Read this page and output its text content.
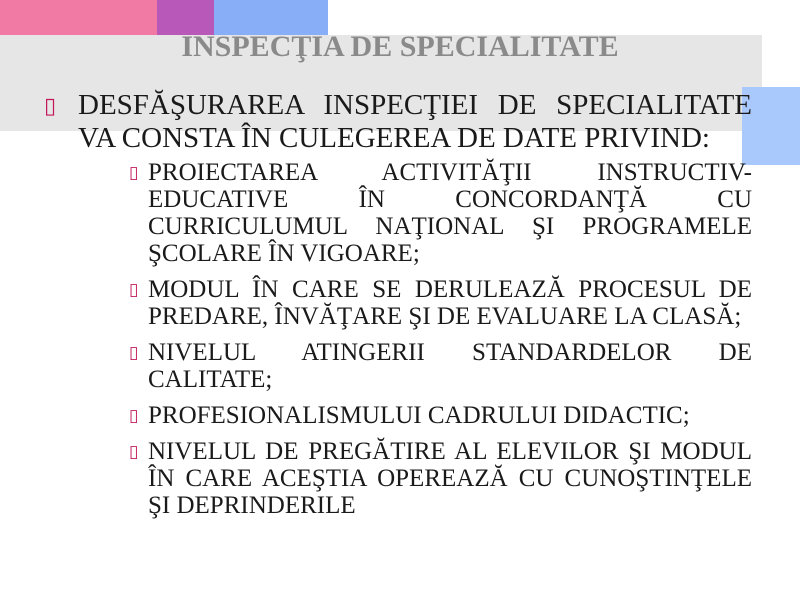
INSPECŢIA DE SPECIALITATE
▯ DESFĂŞURAREA INSPECŢIEI DE SPECIALITATE VA CONSTA ÎN CULEGEREA DE DATE PRIVIND:
▯ PROIECTAREA ACTIVITĂŢII INSTRUCTIV-EDUCATIVE ÎN CONCORDANŢĂ CU CURRICULUMUL NAŢIONAL ŞI PROGRAMELE ŞCOLARE ÎN VIGOARE;
▯ MODUL ÎN CARE SE DERULEAZĂ PROCESUL DE PREDARE, ÎNVĂŢARE ŞI DE EVALUARE LA CLASĂ;
▯ NIVELUL ATINGERII STANDARDELOR DE CALITATE;
▯ PROFESIONALISMULUI CADRULUI DIDACTIC;
▯ NIVELUL DE PREGĂTIRE AL ELEVILOR ŞI MODUL ÎN CARE ACEŞTIA OPEREAZĂ CU CUNOŞTINŢELE ŞI DEPRINDERILE
